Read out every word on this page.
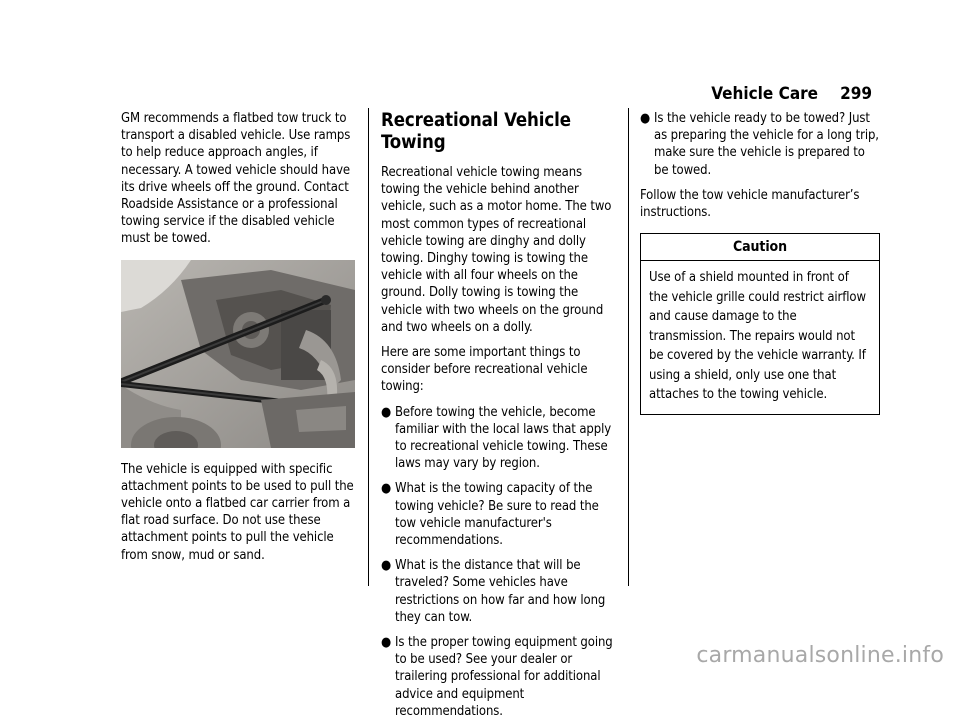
Vehicle Care 299

GM recommends a flatbed tow truck to transport a disabled vehicle. Use ramps to help reduce approach angles, if necessary. A towed vehicle should have its drive wheels off the ground. Contact Roadside Assistance or a professional towing service if the disabled vehicle must be towed.

The vehicle is equipped with specific attachment points to be used to pull the vehicle onto a flatbed car carrier from a flat road surface. Do not use these attachment points to pull the vehicle from snow, mud or sand.

Recreational Vehicle Towing

Recreational vehicle towing means towing the vehicle behind another vehicle, such as a motor home. The two most common types of recreational vehicle towing are dinghy and dolly towing. Dinghy towing is towing the vehicle with all four wheels on the ground. Dolly towing is towing the vehicle with two wheels on the ground and two wheels on a dolly.

Here are some important things to consider before recreational vehicle towing:

● Before towing the vehicle, become familiar with the local laws that apply to recreational vehicle towing. These laws may vary by region.
● What is the towing capacity of the towing vehicle? Be sure to read the tow vehicle manufacturer's recommendations.
● What is the distance that will be traveled? Some vehicles have restrictions on how far and how long they can tow.
● Is the proper towing equipment going to be used? See your dealer or trailering professional for additional advice and equipment recommendations.
● Is the vehicle ready to be towed? Just as preparing the vehicle for a long trip, make sure the vehicle is prepared to be towed.

Follow the tow vehicle manufacturer’s instructions.

Caution
Use of a shield mounted in front of the vehicle grille could restrict airflow and cause damage to the transmission. The repairs would not be covered by the vehicle warranty. If using a shield, only use one that attaches to the towing vehicle.
carmanualsonline.info
